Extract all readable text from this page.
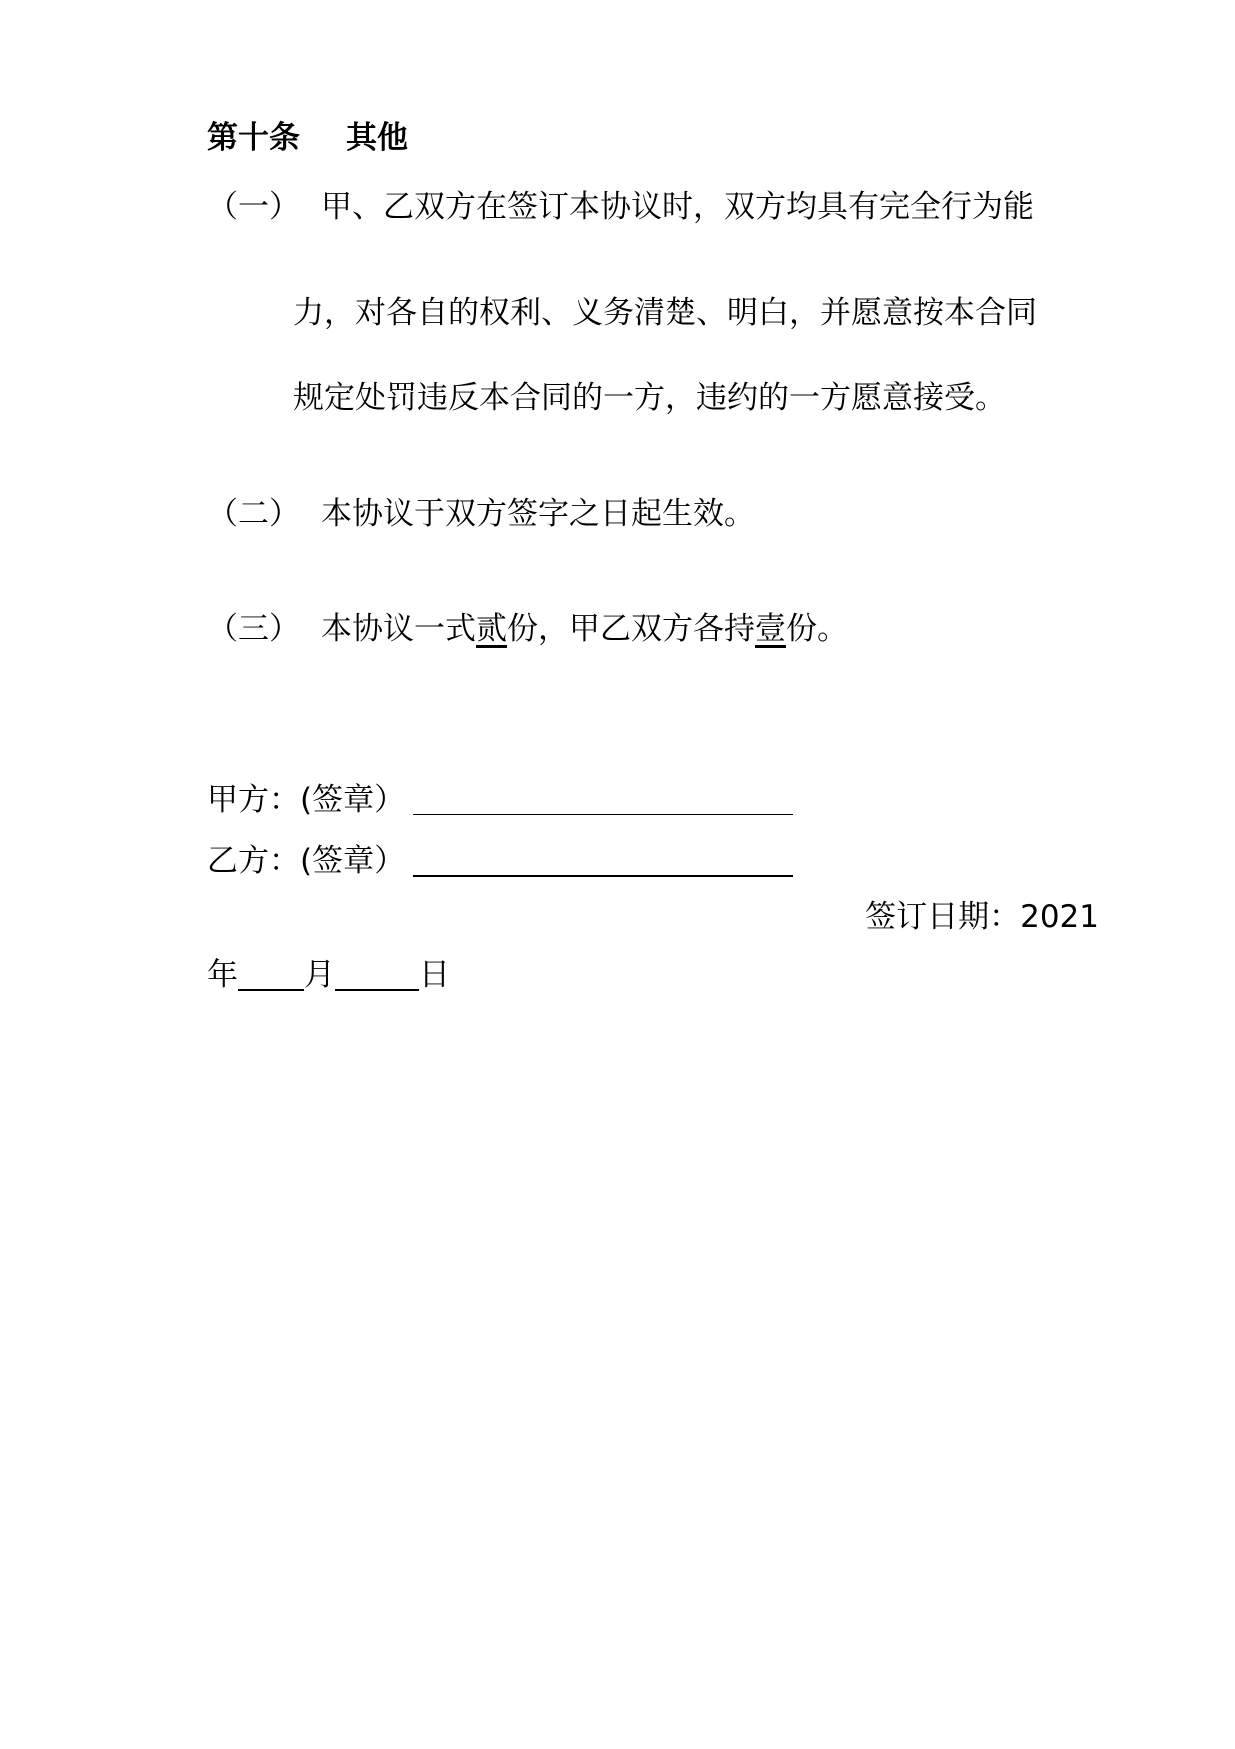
第十条 其他
（一） 甲、乙双方在签订本协议时，双方均具有完全行为能
力，对各自的权利、义务清楚、明白，并愿意按本合同
规定处罚违反本合同的一方，违约的一方愿意接受。
（二） 本协议于双方签字之日起生效。
（三） 本协议一式贰份，甲乙双方各持壹份。
甲方：(签章）
乙方：(签章）
签订日期：2021
年 月	日
